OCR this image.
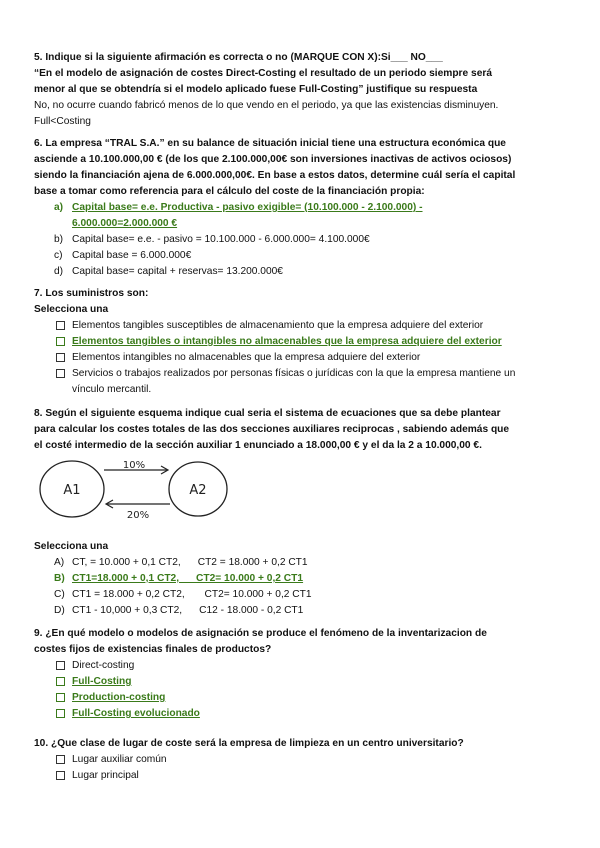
5. Indique si la siguiente afirmación es correcta o no (MARQUE CON X):Si___ NO___
“En el modelo de asignación de costes Direct-Costing el resultado de un periodo siempre será
menor al que se obtendría si el modelo aplicado fuese Full-Costing” justifique su respuesta
No, no ocurre cuando fabricó menos de lo que vendo en el periodo, ya que las existencias disminuyen.
Full<Costing
6. La empresa “TRAL S.A.” en su balance de situación inicial tiene una estructura económica que
asciende a 10.100.000,00 € (de los que 2.100.000,00€ son inversiones inactivas de activos ociosos)
siendo la financiación ajena de 6.000.000,00€. En base a estos datos, determine cuál sería el capital
base a tomar como referencia para el cálculo del coste de la financiación propia:
a) Capital base= e.e. Productiva - pasivo exigible= (10.100.000 - 2.100.000) -
6.000.000=2.000.000 €
b) Capital base= e.e. - pasivo = 10.100.000 - 6.000.000= 4.100.000€
c) Capital base = 6.000.000€
d) Capital base= capital + reservas= 13.200.000€
7. Los suministros son:
Selecciona una
Elementos tangibles susceptibles de almacenamiento que la empresa adquiere del exterior
Elementos tangibles o intangibles no almacenables que la empresa adquiere del exterior
Elementos intangibles no almacenables que la empresa adquiere del exterior
Servicios o trabajos realizados por personas físicas o jurídicas con la que la empresa mantiene un
vínculo mercantil.
8. Según el siguiente esquema indique cual seria el sistema de ecuaciones que sa debe plantear
para calcular los costes totales de las dos secciones auxiliares reciprocas , sabiendo además que
el costé intermedio de la sección auxiliar 1 enunciado a 18.000,00 € y el da la 2 a 10.000,00 €.
A1	A2
10%
20%
Selecciona una
A) CT, = 10.000 + 0,1 CT2,      CT2 = 18.000 + 0,2 CT1
B) CT1=18.000 + 0,1 CT2,      CT2= 10.000 + 0,2 CT1
C) CT1 = 18.000 + 0,2 CT2,       CT2= 10.000 + 0,2 CT1
D) CT1 - 10,000 + 0,3 CT2,      C12 - 18.000 - 0,2 CT1
9. ¿En qué modelo o modelos de asignación se produce el fenómeno de la inventarizacion de
costes fijos de existencias finales de productos?
Direct-costing
Full-Costing
Production-costing
Full-Costing evolucionado
10. ¿Que clase de lugar de coste será la empresa de limpieza en un centro universitario?
Lugar auxiliar común
Lugar principal
